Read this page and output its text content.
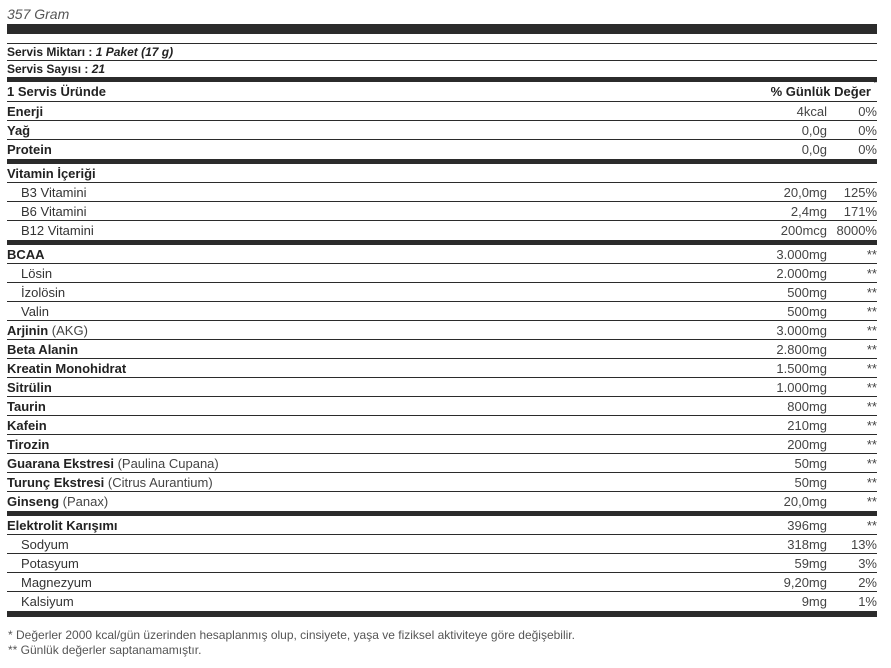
357 Gram
Servis Miktarı : 1 Paket (17 g)
Servis Sayısı : 21
1 Servis Üründe	% Günlük Değer
*
Enerji	4kcal	0%
Yağ	0,0g	0%
Protein	0,0g	0%
Vitamin İçeriği
B3 Vitamini	20,0mg	125%
B6 Vitamini	2,4mg	171%
B12 Vitamini	200mcg 8000%
BCAA	3.000mg	**
Lösin	2.000mg	**
İzolösin	500mg	**
Valin	500mg	**
Arjinin (AKG)	3.000mg	**
Beta Alanin	2.800mg	**
Kreatin Monohidrat	1.500mg	**
Sitrülin	1.000mg	**
Taurin	800mg	**
Kafein	210mg	**
Tirozin	200mg	**
Guarana Ekstresi (Paulina Cupana)	50mg	**
Turunç Ekstresi (Citrus Aurantium)	50mg	**
Ginseng (Panax)	20,0mg	**
Elektrolit Karışımı	396mg	**
Sodyum	318mg	13%
Potasyum	59mg	3%
Magnezyum	9,20mg	2%
Kalsiyum	9mg	1%
* Değerler 2000 kcal/gün üzerinden hesaplanmış olup, cinsiyete, yaşa ve fiziksel aktiviteye göre değişebilir.
** Günlük değerler saptanamamıştır.
